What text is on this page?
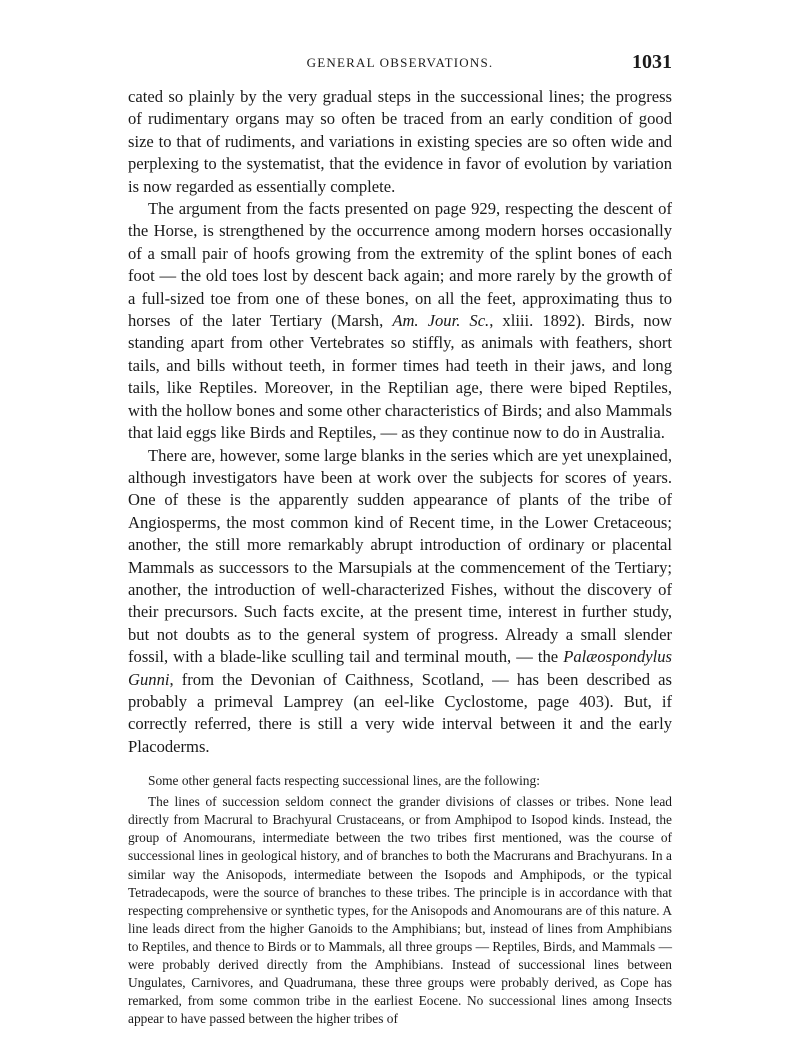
GENERAL OBSERVATIONS.	1031

cated so plainly by the very gradual steps in the successional lines; the progress of rudimentary organs may so often be traced from an early condition of good size to that of rudiments, and variations in existing species are so often wide and perplexing to the systematist, that the evidence in favor of evolution by variation is now regarded as essentially complete.

The argument from the facts presented on page 929, respecting the descent of the Horse, is strengthened by the occurrence among modern horses occasionally of a small pair of hoofs growing from the extremity of the splint bones of each foot — the old toes lost by descent back again; and more rarely by the growth of a full-sized toe from one of these bones, on all the feet, approximating thus to horses of the later Tertiary (Marsh, Am. Jour. Sc., xliii. 1892). Birds, now standing apart from other Vertebrates so stiffly, as animals with feathers, short tails, and bills without teeth, in former times had teeth in their jaws, and long tails, like Reptiles. Moreover, in the Reptilian age, there were biped Reptiles, with the hollow bones and some other characteristics of Birds; and also Mammals that laid eggs like Birds and Reptiles, — as they continue now to do in Australia.

There are, however, some large blanks in the series which are yet unexplained, although investigators have been at work over the subjects for scores of years. One of these is the apparently sudden appearance of plants of the tribe of Angiosperms, the most common kind of Recent time, in the Lower Cretaceous; another, the still more remarkably abrupt introduction of ordinary or placental Mammals as successors to the Marsupials at the commencement of the Tertiary; another, the introduction of well-characterized Fishes, without the discovery of their precursors. Such facts excite, at the present time, interest in further study, but not doubts as to the general system of progress. Already a small slender fossil, with a blade-like sculling tail and terminal mouth, — the Palæospondylus Gunni, from the Devonian of Caithness, Scotland, — has been described as probably a primeval Lamprey (an eel-like Cyclostome, page 403). But, if correctly referred, there is still a very wide interval between it and the early Placoderms.

Some other general facts respecting successional lines, are the following:

The lines of succession seldom connect the grander divisions of classes or tribes. None lead directly from Macrural to Brachyural Crustaceans, or from Amphipod to Isopod kinds. Instead, the group of Anomourans, intermediate between the two tribes first mentioned, was the course of successional lines in geological history, and of branches to both the Macrurans and Brachyurans. In a similar way the Anisopods, intermediate between the Isopods and Amphipods, or the typical Tetradecapods, were the source of branches to these tribes. The principle is in accordance with that respecting comprehensive or synthetic types, for the Anisopods and Anomourans are of this nature. A line leads direct from the higher Ganoids to the Amphibians; but, instead of lines from Amphibians to Reptiles, and thence to Birds or to Mammals, all three groups — Reptiles, Birds, and Mammals — were probably derived directly from the Amphibians. Instead of successional lines between Ungulates, Carnivores, and Quadrumana, these three groups were probably derived, as Cope has remarked, from some common tribe in the earliest Eocene. No successional lines among Insects appear to have passed between the higher tribes of
